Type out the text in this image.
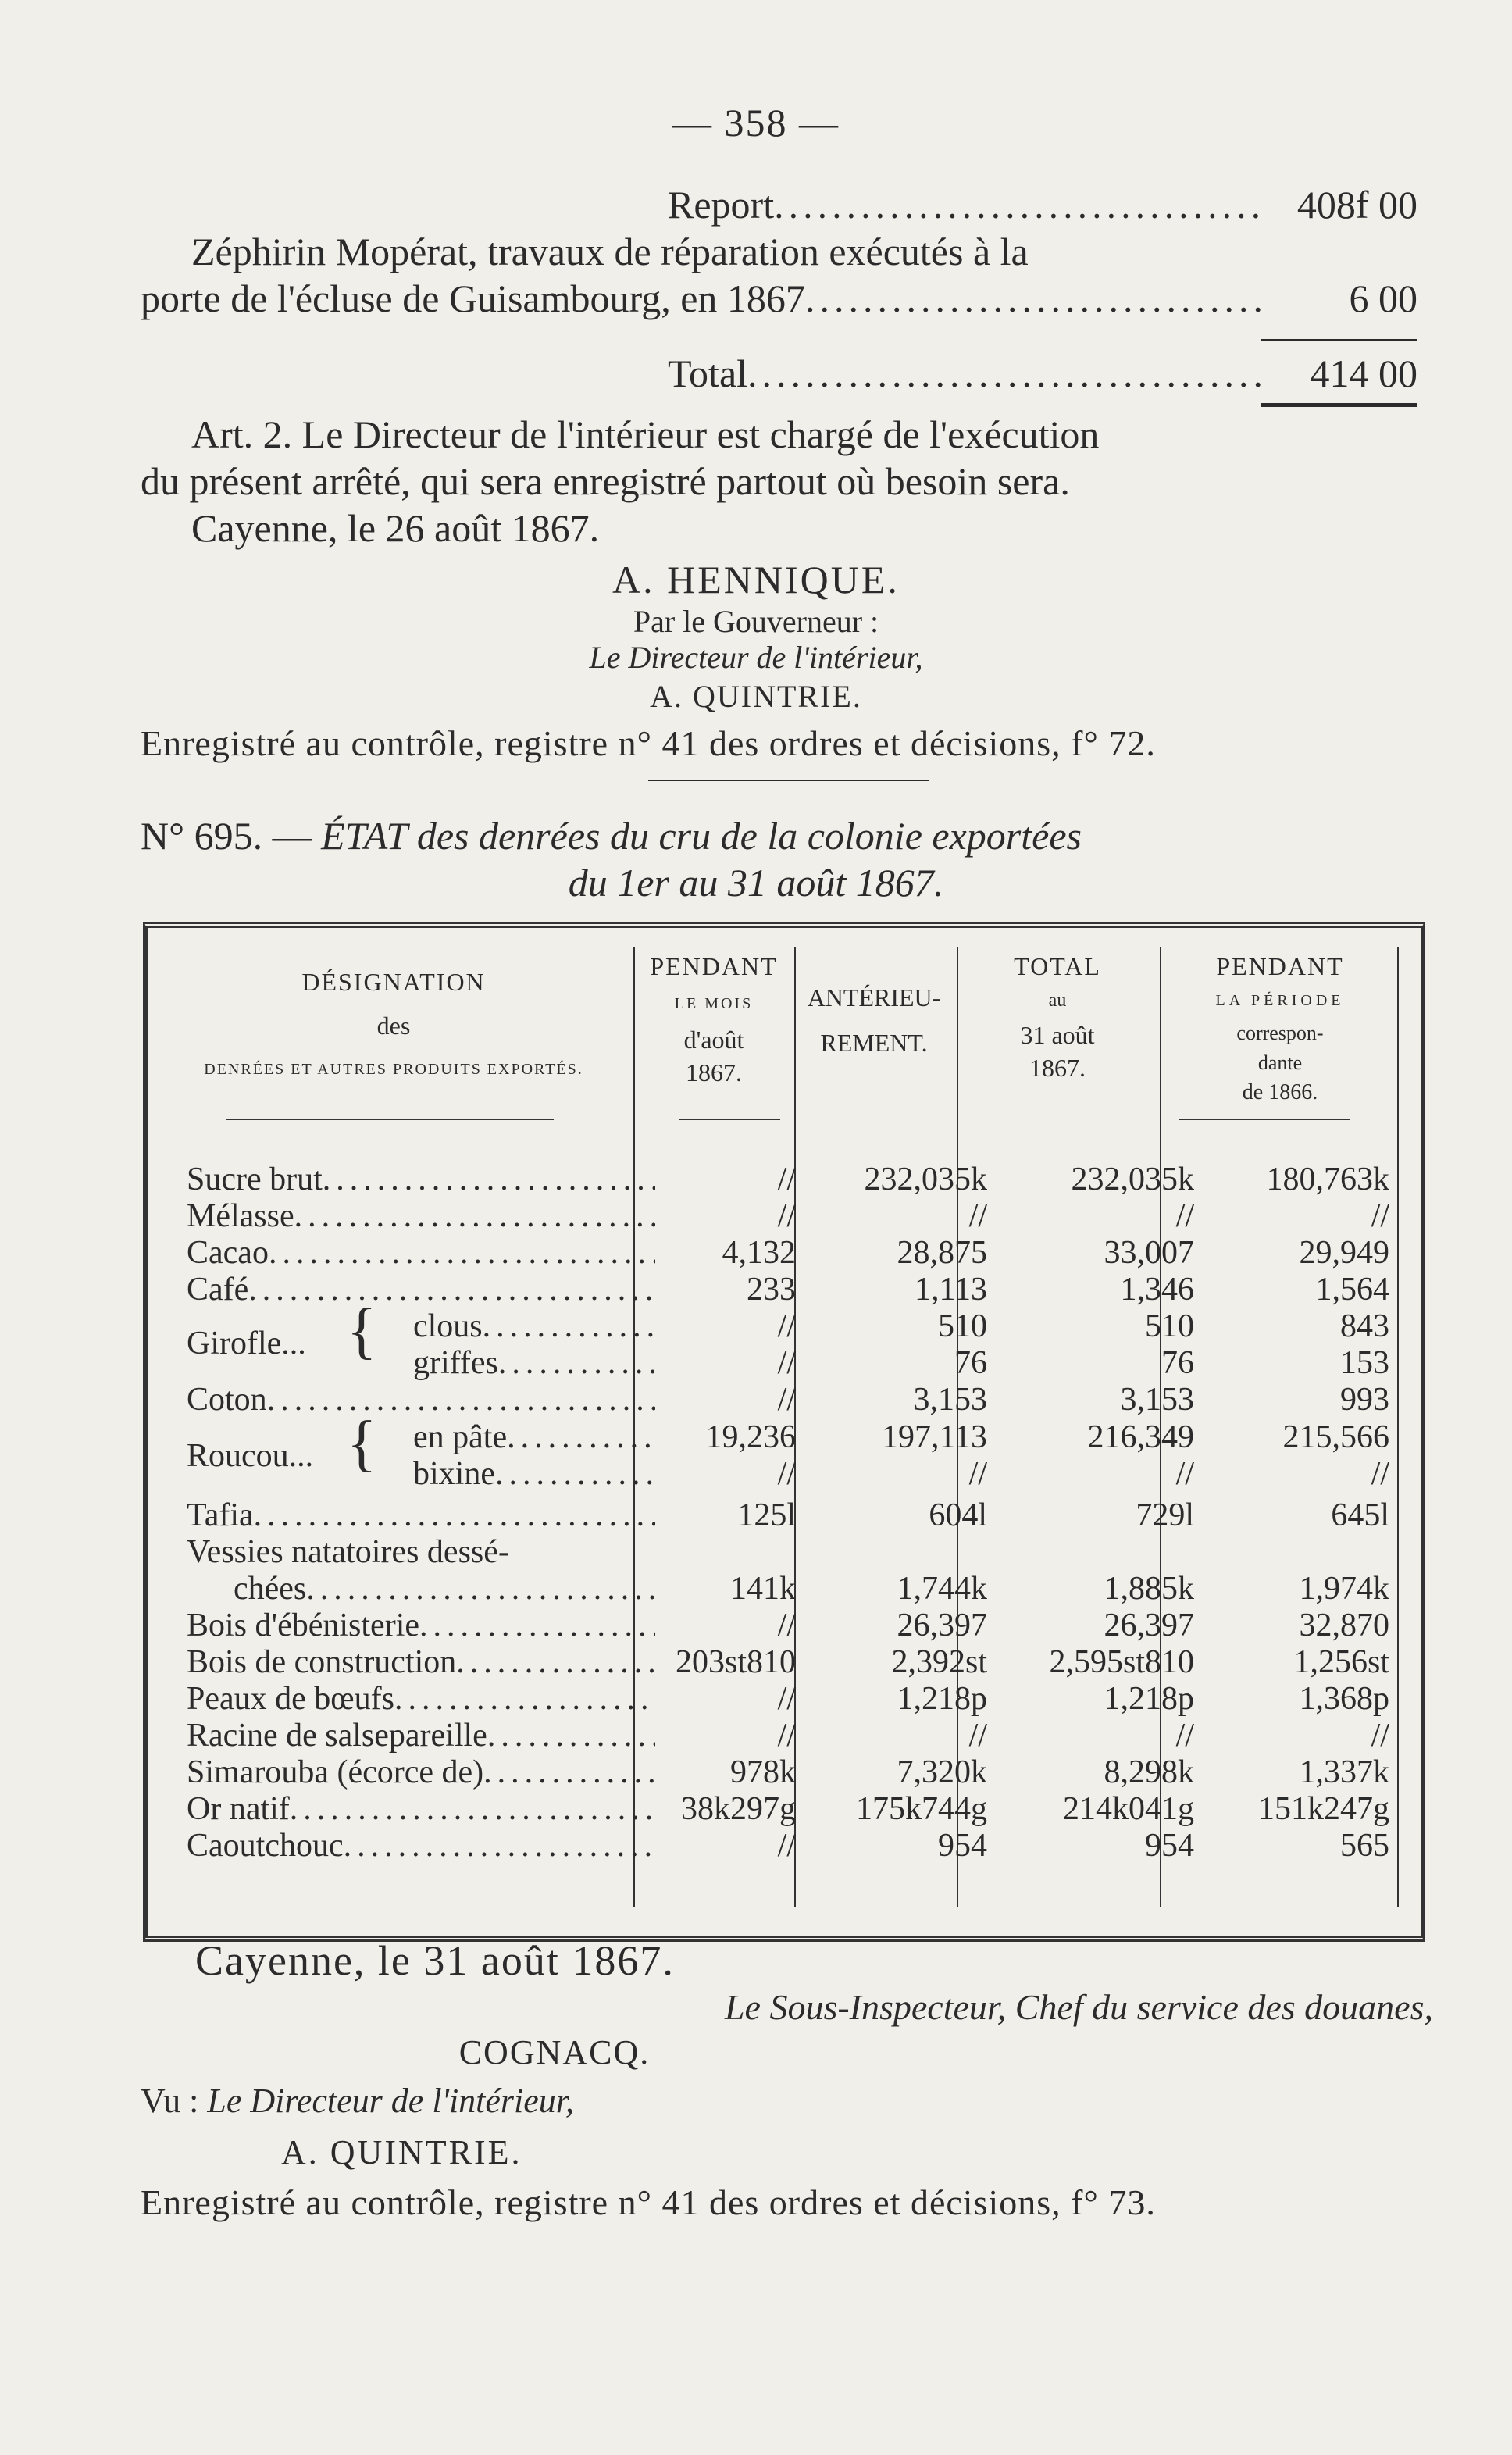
— 358 —
Report .....	408f 00
Zéphirin Mopérat, travaux de réparation exécutés à la
porte de l'écluse de Guisambourg, en 1867 .....	6 00
Total .....	414 00
Art. 2. Le Directeur de l'intérieur est chargé de l'exécution
du présent arrêté, qui sera enregistré partout où besoin sera.
Cayenne, le 26 août 1867.
A. HENNIQUE.
Par le Gouverneur :
Le Directeur de l'intérieur,
A. QUINTRIE.
Enregistré au contrôle, registre n° 41 des ordres et décisions, f° 72.
N° 695. — ÉTAT des denrées du cru de la colonie exportées
du 1er au 31 août 1867.
DÉSIGNATION
des
DENRÉES ET AUTRES PRODUITS EXPORTÉS.
PENDANT
LE MOIS
d'août
1867.
ANTÉRIEU-
REMENT.
TOTAL
au
31 août
1867.
PENDANT
LA PÉRIODE
correspon-
dante
de 1866.
Sucre brut .....	//	232,035k	232,035k	180,763k
Mélasse .....	//	//	//	//
Cacao .....	4,132	28,875	33,007	29,949
Café .....	233	1,113	1,346	1,564
Girofle... { clous .....	//	510	510	843
griffes .....	//	76	76	153
Coton .....	//	3,153	3,153	993
Roucou... { en pâte .....	19,236	197,113	216,349	215,566
bixine .....	//	//	//	//
Tafia .....	125l	604l	729l	645l
Vessies natatoires dessé-
chées .....	141k	1,744k	1,885k	1,974k
Bois d'ébénisterie .....	//	26,397	26,397	32,870
Bois de construction .....	203st810	2,392st	2,595st810	1,256st
Peaux de bœufs .....	//	1,218p	1,218p	1,368p
Racine de salsepareille .....	//	//	//	//
Simarouba (écorce de) .....	978k	7,320k	8,298k	1,337k
Or natif .....	38k297g	175k744g	214k041g	151k247g
Caoutchouc .....	//	954	954	565
Cayenne, le 31 août 1867.
Le Sous-Inspecteur, Chef du service des douanes,
COGNACQ.
Vu : Le Directeur de l'intérieur,
A. QUINTRIE.
Enregistré au contrôle, registre n° 41 des ordres et décisions, f° 73.
